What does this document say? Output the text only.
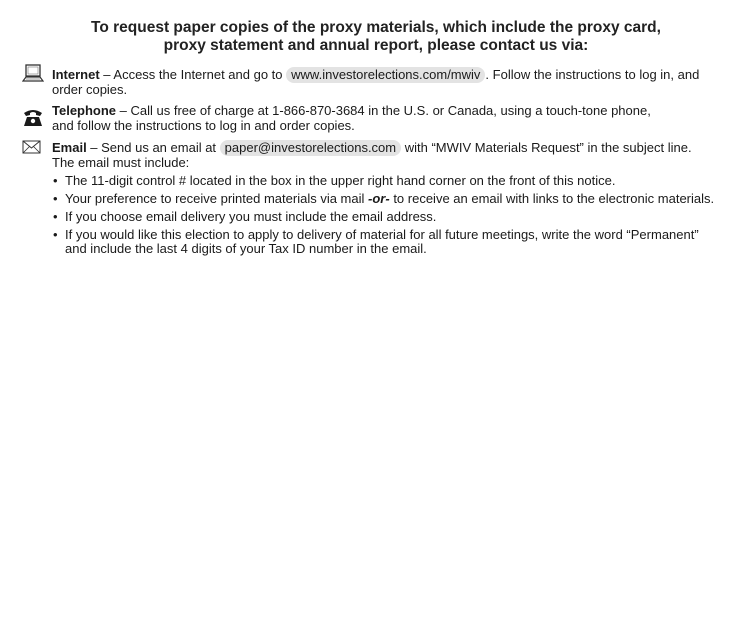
To request paper copies of the proxy materials, which include the proxy card,
proxy statement and annual report, please contact us via:
Internet – Access the Internet and go to www.investorelections.com/mwiv . Follow the instructions to log in, and order copies.
Telephone – Call us free of charge at 1-866-870-3684 in the U.S. or Canada, using a touch-tone phone,
and follow the instructions to log in and order copies.
Email – Send us an email at paper@investorelections.com with “MWIV Materials Request” in the subject line.
The email must include:
• The 11-digit control # located in the box in the upper right hand corner on the front of this notice.
• Your preference to receive printed materials via mail -or- to receive an email with links to the electronic materials.
• If you choose email delivery you must include the email address.
• If you would like this election to apply to delivery of material for all future meetings, write the word “Permanent”
and include the last 4 digits of your Tax ID number in the email.
